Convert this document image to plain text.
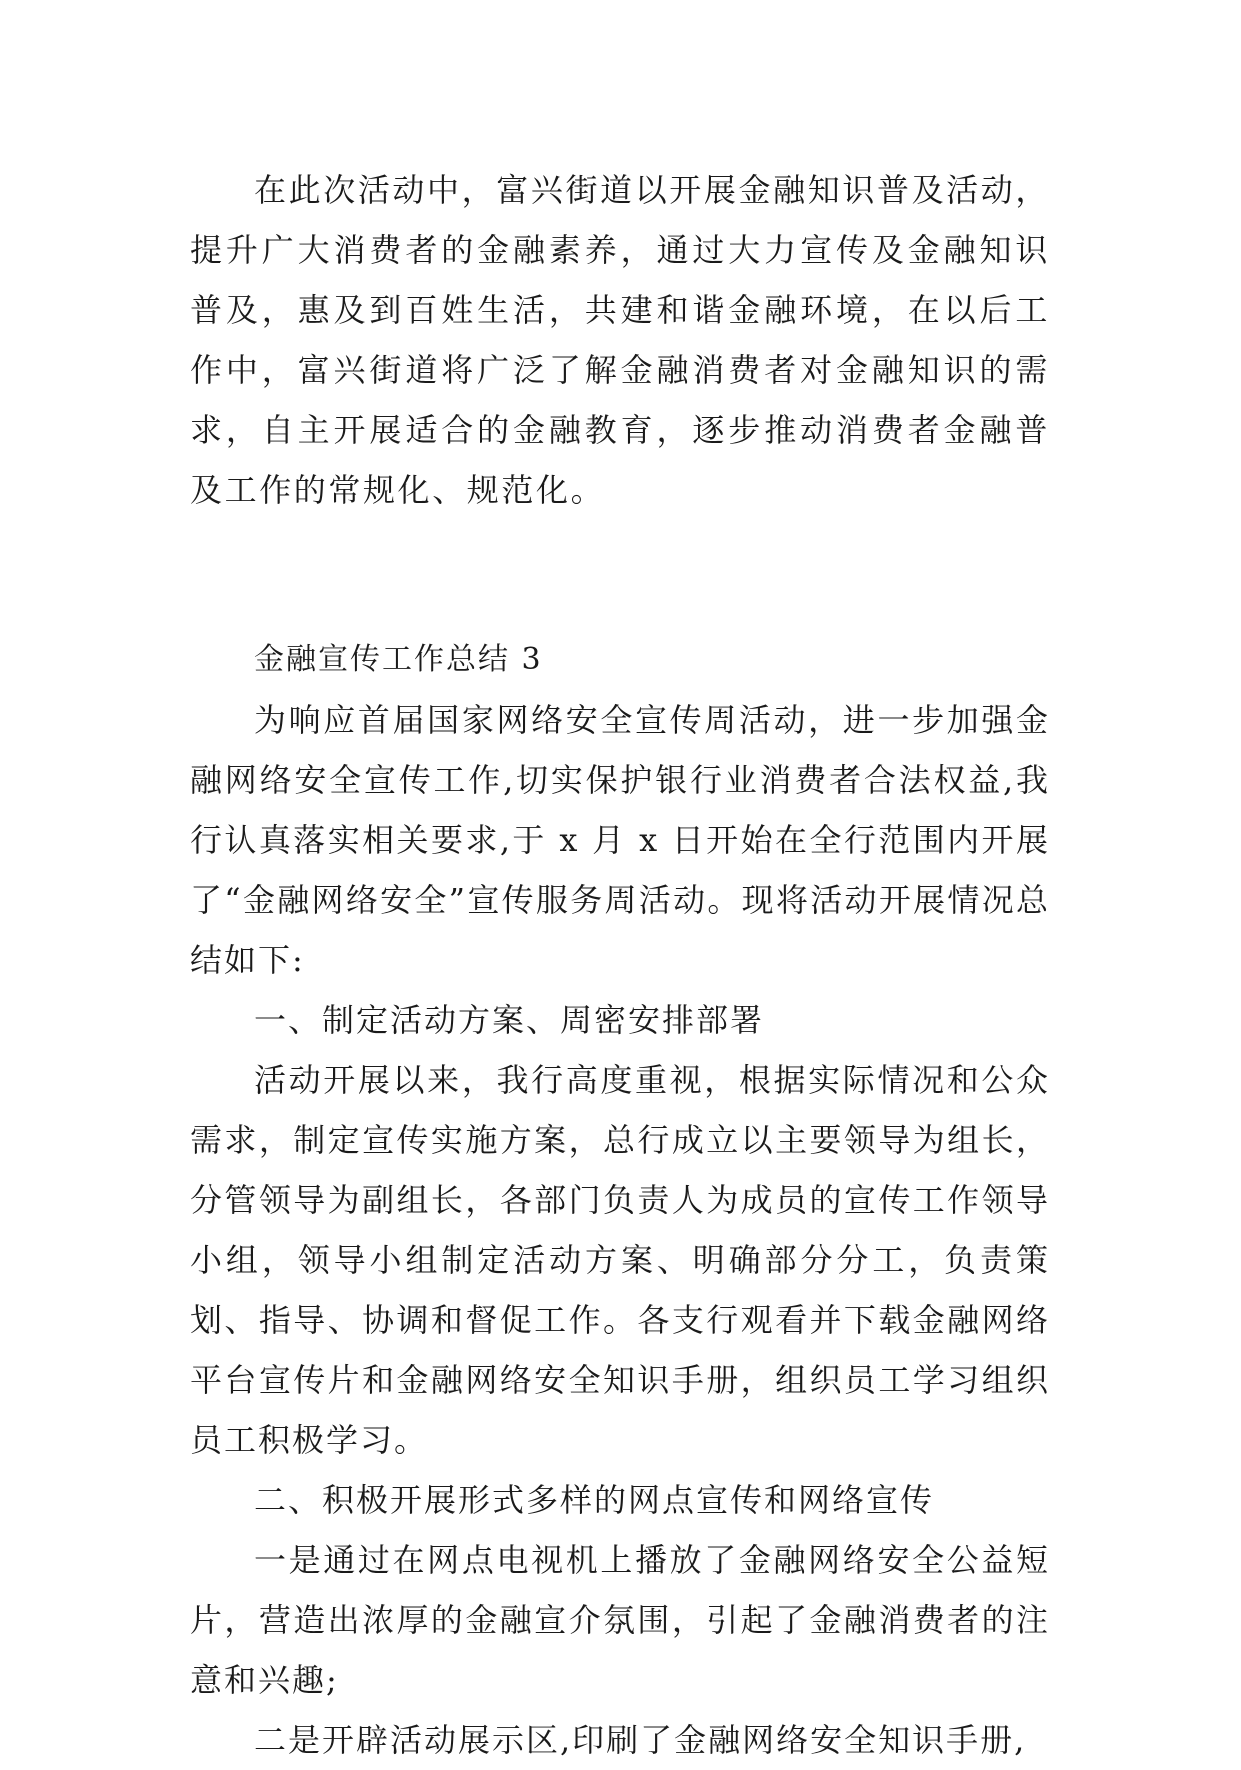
在此次活动中，富兴街道以开展金融知识普及活动，提升广大消费者的金融素养，通过大力宣传及金融知识普及，惠及到百姓生活，共建和谐金融环境，在以后工作中，富兴街道将广泛了解金融消费者对金融知识的需求，自主开展适合的金融教育，逐步推动消费者金融普及工作的常规化、规范化。

金融宣传工作总结 3

为响应首届国家网络安全宣传周活动，进一步加强金融网络安全宣传工作,切实保护银行业消费者合法权益,我行认真落实相关要求,于 x 月 x 日开始在全行范围内开展了“金融网络安全”宣传服务周活动。现将活动开展情况总结如下:

一、制定活动方案、周密安排部署

活动开展以来，我行高度重视，根据实际情况和公众需求，制定宣传实施方案，总行成立以主要领导为组长，分管领导为副组长，各部门负责人为成员的宣传工作领导小组，领导小组制定活动方案、明确部分分工，负责策划、指导、协调和督促工作。各支行观看并下载金融网络平台宣传片和金融网络安全知识手册，组织员工学习组织员工积极学习。

二、积极开展形式多样的网点宣传和网络宣传

一是通过在网点电视机上播放了金融网络安全公益短片，营造出浓厚的金融宣介氛围，引起了金融消费者的注意和兴趣;

二是开辟活动展示区,印刷了金融网络安全知识手册,
